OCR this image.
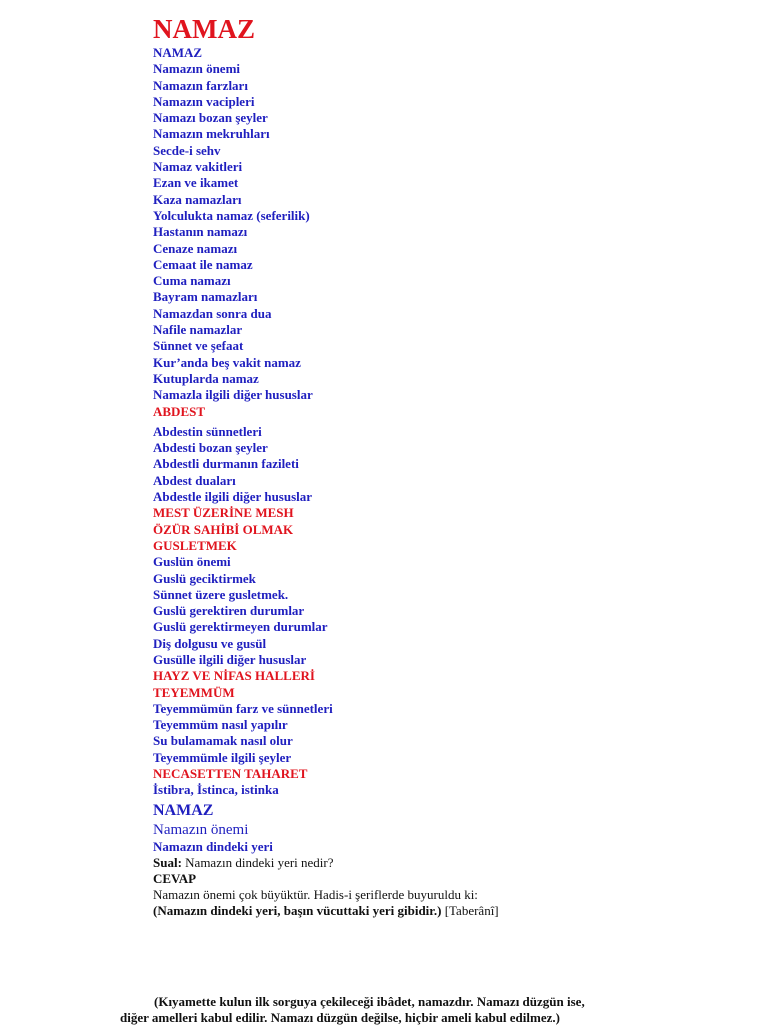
NAMAZ
NAMAZ
Namazın önemi
Namazın farzları
Namazın vacipleri
Namazı bozan şeyler
Namazın mekruhları
Secde-i sehv
Namaz vakitleri
Ezan ve ikamet
Kaza namazları
Yolculukta namaz (seferilik)
Hastanın namazı
Cenaze namazı
Cemaat ile namaz
Cuma namazı
Bayram namazları
Namazdan sonra dua
Nafile namazlar
Sünnet ve şefaat
Kur’anda beş vakit namaz
Kutuplarda namaz
Namazla ilgili diğer hususlar
ABDEST
Abdestin sünnetleri
Abdesti bozan şeyler
Abdestli durmanın fazileti
Abdest duaları
Abdestle ilgili diğer hususlar
MEST ÜZERİNE MESH
ÖZÜR SAHİBİ OLMAK
GUSLETMEK
Guslün önemi
Guslü geciktirmek
Sünnet üzere gusletmek.
Guslü gerektiren durumlar
Guslü gerektirmeyen durumlar
Diş dolgusu ve gusül
Gusülle ilgili diğer hususlar
HAYZ VE NİFAS HALLERİ
TEYEMMÜM
Teyemmümün farz ve sünnetleri
Teyemmüm nasıl yapılır
Su bulamamak nasıl olur
Teyemmümle ilgili şeyler
NECASETTEN TAHARET
İstibra, İstinca, istinka
NAMAZ
Namazın önemi
Namazın dindeki yeri
Sual: Namazın dindeki yeri nedir?
CEVAP
Namazın önemi çok büyüktür. Hadis-i şeriflerde buyuruldu ki:
(Namazın dindeki yeri, başın vücuttaki yeri gibidir.) [Taberânî]
(Kıyamette kulun ilk sorguya çekileceği ibâdet, namazdır. Namazı düzgün ise,
diğer amelleri kabul edilir. Namazı düzgün değilse, hiçbir ameli kabul edilmez.)
